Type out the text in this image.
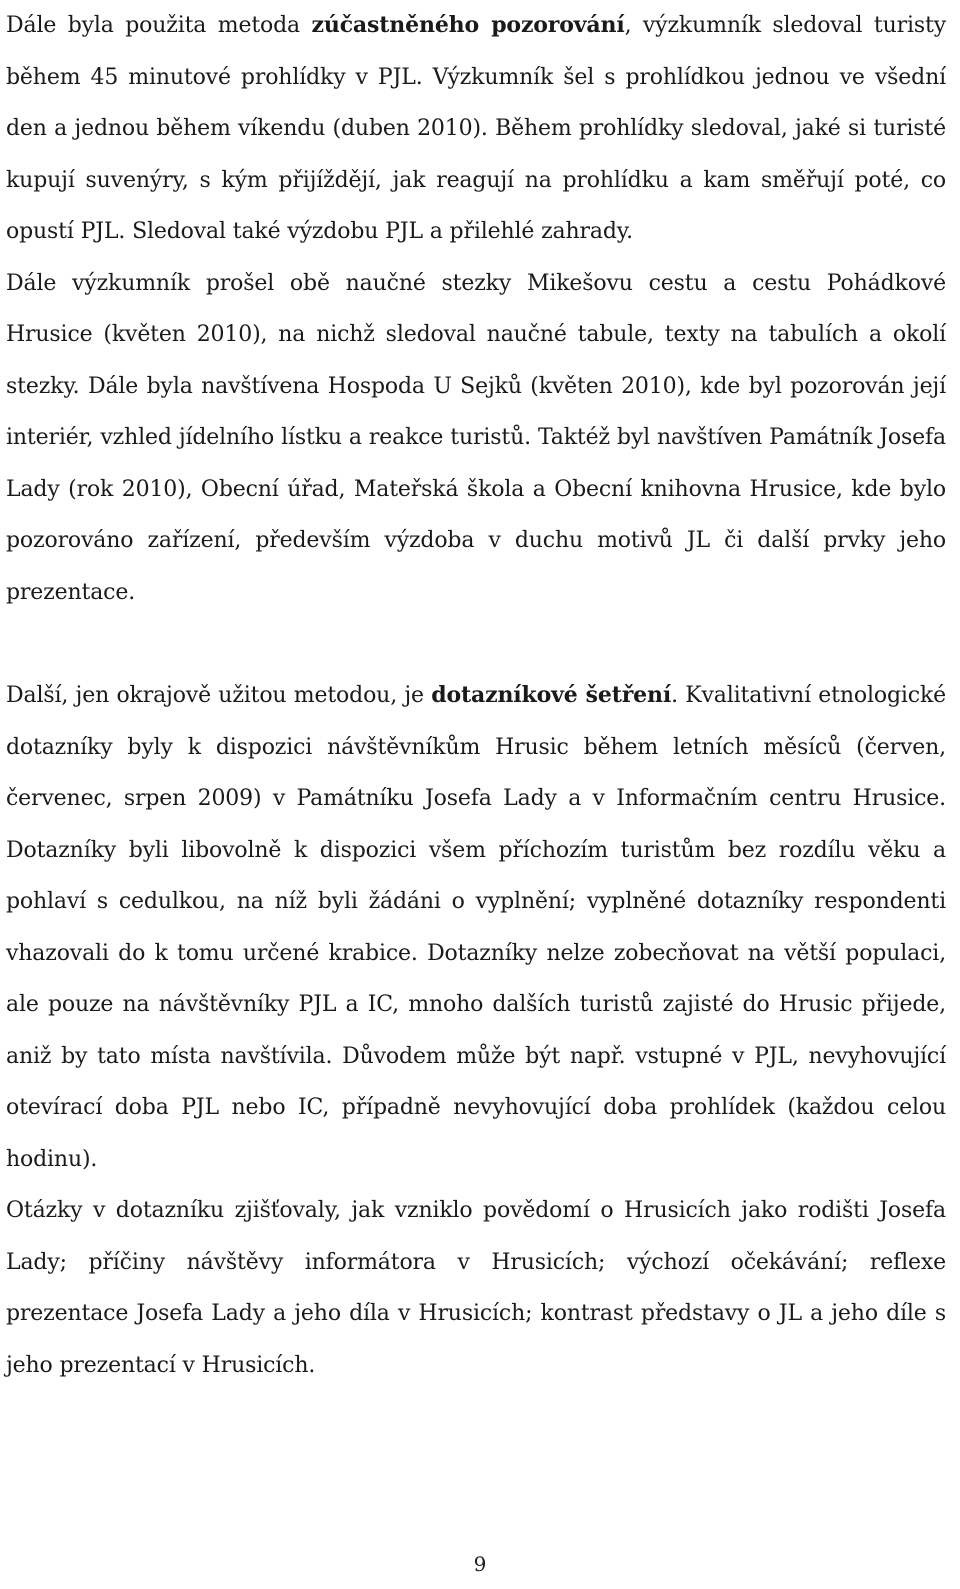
Dále byla použita metoda zúčastněného pozorování, výzkumník sledoval turisty během 45 minutové prohlídky v PJL. Výzkumník šel s prohlídkou jednou ve všední den a jednou během víkendu (duben 2010). Během prohlídky sledoval, jaké si turisté kupují suvenýry, s kým přijíždějí, jak reagují na prohlídku a kam směřují poté, co opustí PJL. Sledoval také výzdobu PJL a přilehlé zahrady.

Dále výzkumník prošel obě naučné stezky Mikešovu cestu a cestu Pohádkové Hrusice (květen 2010), na nichž sledoval naučné tabule, texty na tabulích a okolí stezky. Dále byla navštívena Hospoda U Sejků (květen 2010), kde byl pozorován její interiér, vzhled jídelního lístku a reakce turistů. Taktéž byl navštíven Památník Josefa Lady (rok 2010), Obecní úřad, Mateřská škola a Obecní knihovna Hrusice, kde bylo pozorováno zařízení, především výzdoba v duchu motivů JL či další prvky jeho prezentace.

Další, jen okrajově užitou metodou, je dotazníkové šetření. Kvalitativní etnologické dotazníky byly k dispozici návštěvníkům Hrusic během letních měsíců (červen, červenec, srpen 2009) v Památníku Josefa Lady a v Informačním centru Hrusice. Dotazníky byli libovolně k dispozici všem příchozím turistům bez rozdílu věku a pohlaví s cedulkou, na níž byli žádáni o vyplnění; vyplněné dotazníky respondenti vhazovali do k tomu určené krabice. Dotazníky nelze zobecňovat na větší populaci, ale pouze na návštěvníky PJL a IC, mnoho dalších turistů zajisté do Hrusic přijede, aniž by tato místa navštívila. Důvodem může být např. vstupné v PJL, nevyhovující otevírací doba PJL nebo IC, případně nevyhovující doba prohlídek (každou celou hodinu).

Otázky v dotazníku zjišťovaly, jak vzniklo povědomí o Hrusicích jako rodišti Josefa Lady; příčiny návštěvy informátora v Hrusicích; výchozí očekávání; reflexe prezentace Josefa Lady a jeho díla v Hrusicích; kontrast představy o JL a jeho díle s jeho prezentací v Hrusicích.

9
